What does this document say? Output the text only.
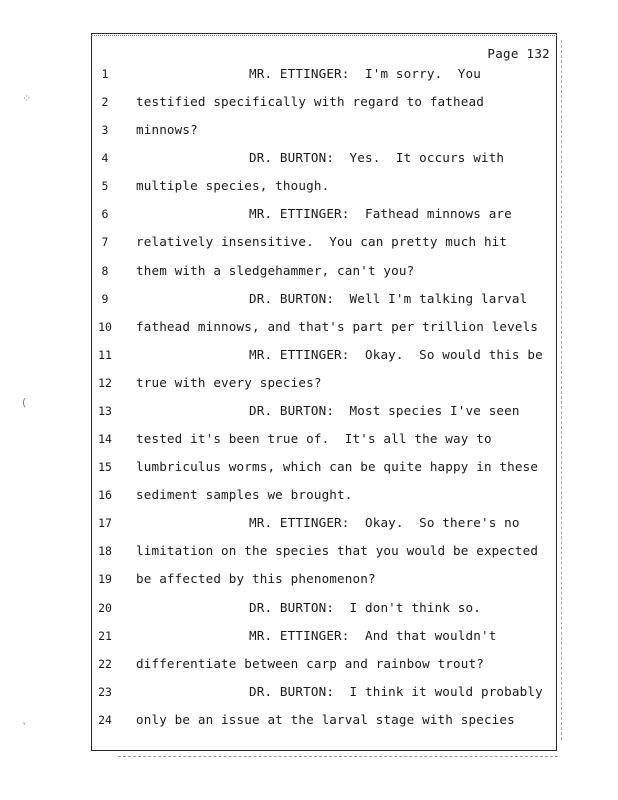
Page 132
1	MR. ETTINGER:  I'm sorry.  You
2	testified specifically with regard to fathead
3	minnows?
4	DR. BURTON:  Yes.  It occurs with
5	multiple species, though.
6	MR. ETTINGER:  Fathead minnows are
7	relatively insensitive.  You can pretty much hit
8	them with a sledgehammer, can't you?
9	DR. BURTON:  Well I'm talking larval
10	fathead minnows, and that's part per trillion levels
11	MR. ETTINGER:  Okay.  So would this be
12	true with every species?
13	DR. BURTON:  Most species I've seen
14	tested it's been true of.  It's all the way to
15	lumbriculus worms, which can be quite happy in these
16	sediment samples we brought.
17	MR. ETTINGER:  Okay.  So there's no
18	limitation on the species that you would be expected
19	be affected by this phenomenon?
20	DR. BURTON:  I don't think so.
21	MR. ETTINGER:  And that wouldn't
22	differentiate between carp and rainbow trout?
23	DR. BURTON:  I think it would probably
24	only be an issue at the larval stage with species
⁘
(
ˎ
